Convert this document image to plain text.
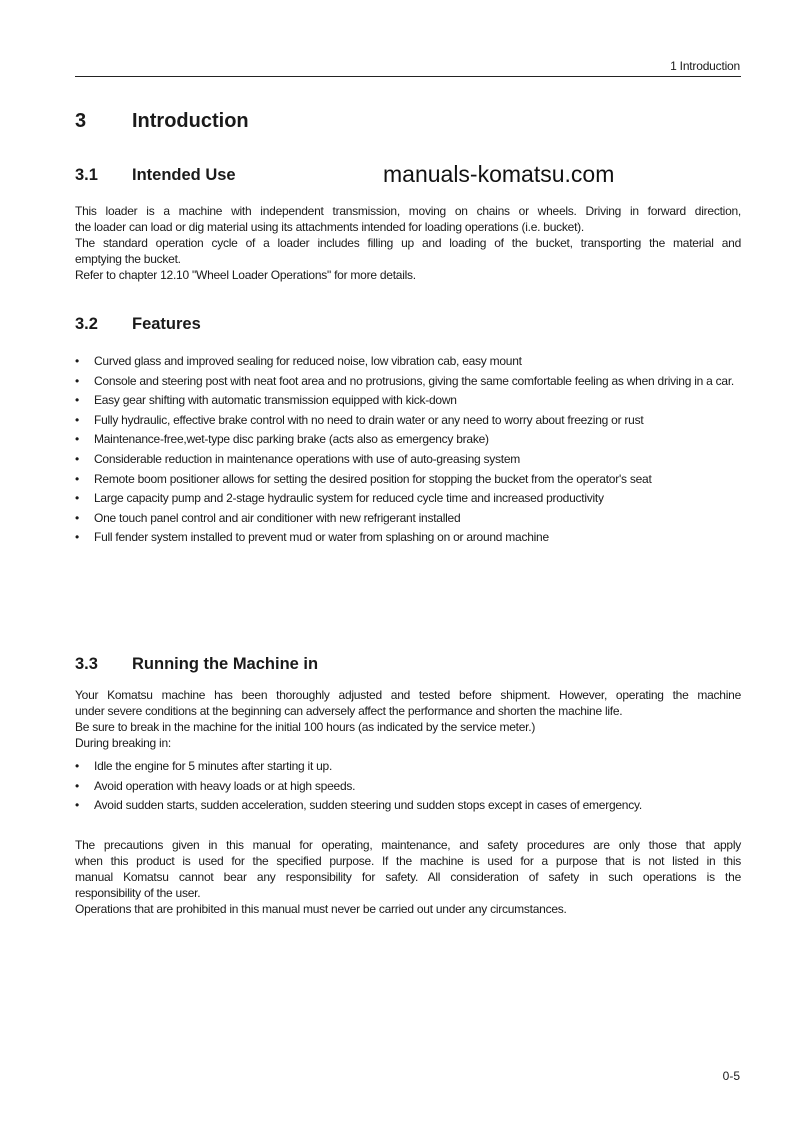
1 Introduction
3 Introduction
3.1 Intended Use	manuals-komatsu.com
This loader is a machine with independent transmission, moving on chains or wheels. Driving in forward direction,
the loader can load or dig material using its attachments intended for loading operations (i.e. bucket).
The standard operation cycle of a loader includes filling up and loading of the bucket, transporting the material and
emptying the bucket.
Refer to chapter 12.10 "Wheel Loader Operations" for more details.
3.2 Features
• Curved glass and improved sealing for reduced noise, low vibration cab, easy mount
• Console and steering post with neat foot area and no protrusions, giving the same comfortable feeling as when driving in a car.
• Easy gear shifting with automatic transmission equipped with kick-down
• Fully hydraulic, effective brake control with no need to drain water or any need to worry about freezing or rust
• Maintenance-free,wet-type disc parking brake (acts also as emergency brake)
• Considerable reduction in maintenance operations with use of auto-greasing system
• Remote boom positioner allows for setting the desired position for stopping the bucket from the operator's seat
• Large capacity pump and 2-stage hydraulic system for reduced cycle time and increased productivity
• One touch panel control and air conditioner with new refrigerant installed
• Full fender system installed to prevent mud or water from splashing on or around machine
3.3 Running the Machine in
Your Komatsu machine has been thoroughly adjusted and tested before shipment. However, operating the machine
under severe conditions at the beginning can adversely affect the performance and shorten the machine life.
Be sure to break in the machine for the initial 100 hours (as indicated by the service meter.)
During breaking in:
• Idle the engine for 5 minutes after starting it up.
• Avoid operation with heavy loads or at high speeds.
• Avoid sudden starts, sudden acceleration, sudden steering und sudden stops except in cases of emergency.
The precautions given in this manual for operating, maintenance, and safety procedures are only those that apply
when this product is used for the specified purpose. If the machine is used for a purpose that is not listed in this
manual Komatsu cannot bear any responsibility for safety. All consideration of safety in such operations is the
responsibility of the user.
Operations that are prohibited in this manual must never be carried out under any circumstances.
0-5
